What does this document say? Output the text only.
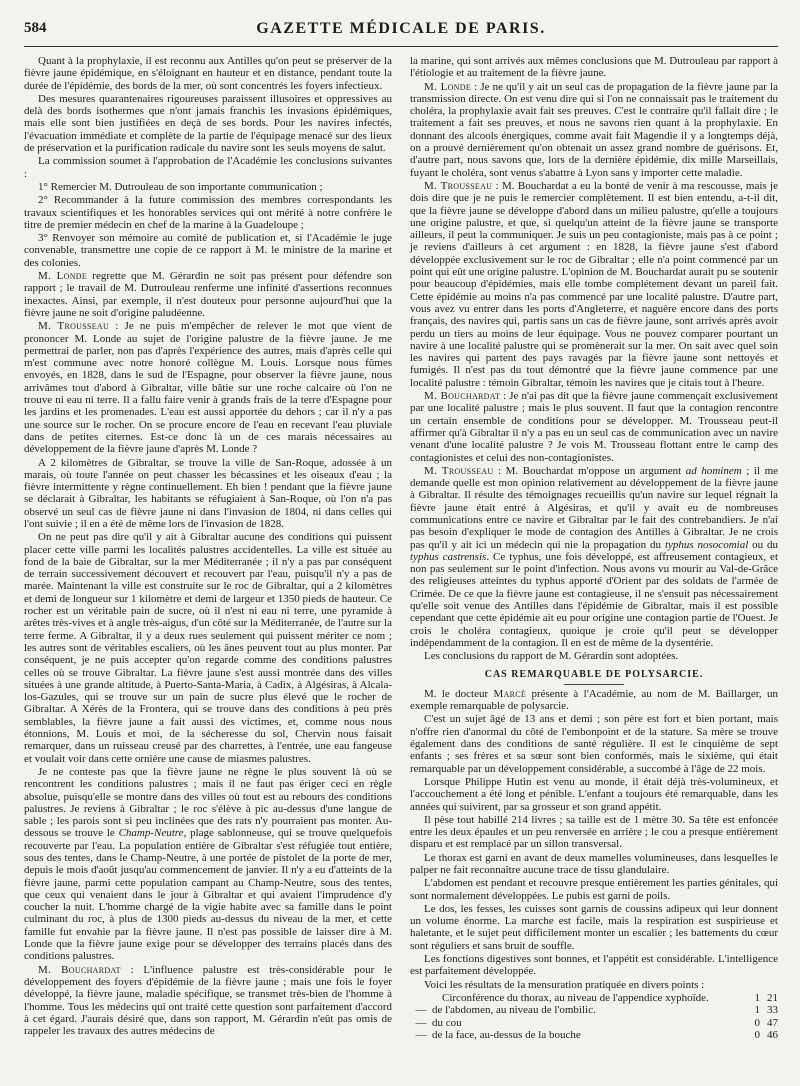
584	GAZETTE MÉDICALE DE PARIS.

Quant à la prophylaxie, il est reconnu aux Antilles qu'on peut se préserver de la fièvre jaune épidémique, en s'éloignant en hauteur et en distance, pendant toute la durée de l'épidémie, des bords de la mer, où sont concentrés les foyers infectieux.

Des mesures quarantenaires rigoureuses paraissent illusoires et oppressives au delà des bords isothermes que n'ont jamais franchis les invasions épidémiques, mais elle sont bien justifiées en deçà de ses bords. Pour les navires infectés, l'évacuation immédiate et complète de la partie de l'équipage menacé sur des lieux de préservation et la purification radicale du navire sont les seuls moyens de salut.

La commission soumet à l'approbation de l'Académie les conclusions suivantes :

1° Remercier M. Dutrouleau de son importante communication ;

2° Recommander à la future commission des membres correspondants les travaux scientifiques et les honorables services qui ont mérité à notre confrère le titre de premier médecin en chef de la marine à la Guadeloupe ;

3° Renvoyer son mémoire au comité de publication et, si l'Académie le juge convenable, transmettre une copie de ce rapport à M. le ministre de la marine et des colonies.

M. Londe regrette que M. Gérardin ne soit pas présent pour défendre son rapport ; le travail de M. Dutrouleau renferme une infinité d'assertions reconnues inexactes. Ainsi, par exemple, il n'est douteux pour personne aujourd'hui que la fièvre jaune ne soit d'origine paludéenne.

M. Trousseau : Je ne puis m'empêcher de relever le mot que vient de prononcer M. Londe au sujet de l'origine palustre de la fièvre jaune. Je me permettrai de parler, non pas d'après l'expérience des autres, mais d'après celle qui m'est commune avec notre honoré collègue M. Louis. Lorsque nous fûmes envoyés, en 1828, dans le sud de l'Espagne, pour observer la fièvre jaune, nous arrivâmes tout d'abord à Gibraltar, ville bâtie sur une roche calcaire où l'on ne trouve ni eau ni terre. Il a fallu faire venir à grands frais de la terre d'Espagne pour les jardins et les promenades. L'eau est aussi apportée du dehors ; car il n'y a pas une source sur le rocher. On se procure encore de l'eau en recevant l'eau pluviale dans de petites citernes. Est-ce donc là un de ces marais nécessaires au développement de la fièvre jaune d'après M. Londe ?

A 2 kilomètres de Gibraltar, se trouve la ville de San-Roque, adossée à un marais, où toute l'année on peut chasser les bécassines et les oiseaux d'eau ; la fièvre intermittente y règne continuellement. Eh bien ! pendant que la fièvre jaune se déclarait à Gibraltar, les habitants se réfugiaient à San-Roque, où l'on n'a pas observé un seul cas de fièvre jaune ni dans l'invasion de 1804, ni dans celles qui l'ont suivie ; il en a été de même lors de l'invasion de 1828.

On ne peut pas dire qu'il y ait à Gibraltar aucune des conditions qui puissent placer cette ville parmi les localités palustres accidentelles. La ville est située au fond de la baie de Gibraltar, sur la mer Méditerranée ; il n'y a pas par conséquent de terrain successivement découvert et recouvert par l'eau, puisqu'il n'y a pas de marée. Maintenant la ville est construite sur le roc de Gibraltar, qui a 2 kilomètres et demi de longueur sur 1 kilomètre et demi de largeur et 1350 pieds de hauteur. Ce rocher est un véritable pain de sucre, où il n'est ni eau ni terre, une pyramide à arêtes très-vives et à angle très-aigus, d'un côté sur la Méditerranée, de l'autre sur la terre ferme. A Gibraltar, il y a deux rues seulement qui puissent mériter ce nom ; les autres sont de véritables escaliers, où les ânes peuvent tout au plus monter. Par conséquent, je ne puis accepter qu'on regarde comme des conditions palustres celles où se trouve Gibraltar. La fièvre jaune s'est aussi montrée dans des villes situées à une grande altitude, à Puerto-Santa-Maria, à Cadix, à Algésiras, à Alcala-los-Gazules, qui se trouve sur un pain de sucre plus élevé que le rocher de Gibraltar. A Xérès de la Frontera, qui se trouve dans des conditions à peu près semblables, la fièvre jaune a fait aussi des victimes, et, comme nous nous étonnions, M. Louis et moi, de la sécheresse du sol, Chervin nous faisait remarquer, dans un ruisseau creusé par des charrettes, à l'entrée, une eau fangeuse et voulait voir dans cette ornière une cause de miasmes palustres.

Je ne conteste pas que la fièvre jaune ne règne le plus souvent là où se rencontrent les conditions palustres ; mais il ne faut pas ériger ceci en règle absolue, puisqu'elle se montre dans des villes où tout est au rebours des conditions palustres. Je reviens à Gibraltar ; le roc s'élève à pic au-dessus d'une langue de sable ; les parois sont si peu inclinées que des rats n'y pourraient pas monter. Au-dessous se trouve le Champ-Neutre, plage sablonneuse, qui se trouve quelquefois recouverte par l'eau. La population entière de Gibraltar s'est réfugiée tout entière, sous des tentes, dans le Champ-Neutre, à une portée de pistolet de la porte de mer, depuis le mois d'août jusqu'au commencement de janvier. Il n'y a eu d'atteints de la fièvre jaune, parmi cette population campant au Champ-Neutre, sous des tentes, que ceux qui venaient dans le jour à Gibraltar et qui avaient l'imprudence d'y coucher la nuit. L'homme chargé de la vigie habite avec sa famille dans le point culminant du roc, à plus de 1300 pieds au-dessus du niveau de la mer, et cette famille fut envahie par la fièvre jaune. Il n'est pas possible de laisser dire à M. Londe que la fièvre jaune exige pour se développer des terrains placés dans des conditions palustres.

M. Bouchardat : L'influence palustre est très-considérable pour le développement des foyers d'épidémie de la fièvre jaune ; mais une fois le foyer développé, la fièvre jaune, maladie spécifique, se transmet très-bien de l'homme à l'homme. Tous les médecins qui ont traité cette question sont parfaitement d'accord à cet égard. J'aurais désiré que, dans son rapport, M. Gérardin n'eût pas omis de rappeler les travaux des autres médecins de

la marine, qui sont arrivés aux mêmes conclusions que M. Dutrouleau par rapport à l'étiologie et au traitement de la fièvre jaune.

M. Londe : Je ne qu'il y ait un seul cas de propagation de la fièvre jaune par la transmission directe. On est venu dire qui si l'on ne connaissait pas le traitement du choléra, la prophylaxie avait fait ses preuves. C'est le contraire qu'il fallait dire ; le traitement a fait ses preuves, et nous ne savons rien quant à la prophylaxie. En donnant des alcools énergiques, comme avait fait Magendie il y a longtemps déjà, on a prouvé dernièrement qu'on obtenait un assez grand nombre de guérisons. Et, d'autre part, nous savons que, lors de la dernière épidémie, dix mille Marseillais, fuyant le choléra, sont venus s'abattre à Lyon sans y importer cette maladie.

M. Trousseau : M. Bouchardat a eu la bonté de venir à ma rescousse, mais je dois dire que je ne puis le remercier complètement. Il est bien entendu, a-t-il dit, que la fièvre jaune se développe d'abord dans un milieu palustre, qu'elle a toujours une origine palustre, et que, si quelqu'un atteint de la fièvre jaune se transporte ailleurs, il peut la communiquer. Je suis un peu contagioniste, mais pas à ce point ; je reviens d'ailleurs à cet argument : en 1828, la fièvre jaune s'est d'abord développée exclusivement sur le roc de Gibraltar ; elle n'a point commencé par un point qui eût une origine palustre. L'opinion de M. Bouchardat aurait pu se soutenir pour beaucoup d'épidémies, mais elle tombe complétement devant un pareil fait. Cette épidémie au moins n'a pas commencé par une localité palustre. D'autre part, vous avez vu entrer dans les ports d'Angleterre, et naguère encore dans des ports français, des navires qui, partis sans un cas de fièvre jaune, sont arrivés après avoir perdu un tiers au moins de leur équipage. Vous ne pouvez comparer pourtant un navire à une localité palustre qui se promènerait sur la mer. On sait avec quel soin les navires qui partent des pays ravagés par la fièvre jaune sont nettoyés et fumigés. Il n'est pas du tout démontré que la fièvre jaune commence par une localité palustre : témoin Gibraltar, témoin les navires que je citais tout à l'heure.

M. Bouchardat : Je n'ai pas dit que la fièvre jaune commençait exclusivement par une localité palustre ; mais le plus souvent. Il faut que la contagion rencontre un certain ensemble de conditions pour se développer. M. Trousseau peut-il affirmer qu'à Gibraltar il n'y a pas eu un seul cas de communication avec un navire venant d'une localité palustre ? Je vois M. Trousseau flottant entre le camp des contagionistes et celui des non-contagionistes.

M. Trousseau : M. Bouchardat m'oppose un argument ad hominem ; il me demande quelle est mon opinion relativement au développement de la fièvre jaune à Gibraltar. Il résulte des témoignages recueillis qu'un navire sur lequel régnait la fièvre jaune était entré à Algésiras, et qu'il y avait eu de nombreuses communications entre ce navire et Gibraltar par le fait des contrebandiers. Je n'ai pas besoin d'expliquer le mode de contagion des Antilles à Gibraltar. Je ne crois pas qu'il y ait ici un médecin qui nie la propagation du typhus nosocomial ou du typhus castrensis. Ce typhus, une fois développé, est affreusement contagieux, et non pas seulement sur le point d'infection. Nous avons vu mourir au Val-de-Grâce des religieuses atteintes du typhus apporté d'Orient par des soldats de l'armée de Crimée. De ce que la fièvre jaune est contagieuse, il ne s'ensuit pas nécessairement qu'elle soit venue des Antilles dans l'épidémie de Gibraltar, mais il est possible cependant que cette épidémie ait eu pour origine une contagion partie de l'Ouest. Je crois le choléra contagieux, quoique je croie qu'il peut se développer indépendamment de la contagion. Il en est de même de la dysentérie.

Les conclusions du rapport de M. Gérardin sont adoptées.

CAS REMARQUABLE DE POLYSARCIE.

M. le docteur Marcé présente à l'Académie, au nom de M. Baillarger, un exemple remarquable de polysarcie.

C'est un sujet âgé de 13 ans et demi ; son père est fort et bien portant, mais n'offre rien d'anormal du côté de l'embonpoint et de la stature. Sa mère se trouve également dans des conditions de santé régulière. Il est le cinquième de sept enfants ; ses frères et sa sœur sont bien conformés, mais le sixième, qui était remarquable par un développement considérable, a succombé à l'âge de 22 mois.

Lorsque Philippe Hutin est venu au monde, il était déjà très-volumineux, et l'accouchement a été long et pénible. L'enfant a toujours été remarquable, dans les années qui suivirent, par sa grosseur et son grand appétit.

Il pèse tout habillé 214 livres ; sa taille est de 1 mètre 30. Sa tête est enfoncée entre les deux épaules et un peu renversée en arrière ; le cou a presque entièrement disparu et est remplacé par un sillon transversal.

Le thorax est garni en avant de deux mamelles volumineuses, dans lesquelles le palper ne fait reconnaître aucune trace de tissu glandulaire.

L'abdomen est pendant et recouvre presque entièrement les parties génitales, qui sont normalement développées. Le pubis est garni de poils.

Le dos, les fesses, les cuisses sont garnis de coussins adipeux qui leur donnent un volume énorme. La marche est facile, mais la respiration est suspirieuse et haletante, et le sujet peut difficilement monter un escalier ; les battements du cœur sont réguliers et sans bruit de souffle.

Les fonctions digestives sont bonnes, et l'appétit est considérable. L'intelligence est parfaitement développée.

Voici les résultats de la mensuration pratiquée en divers points :

	Circonférence du thorax, au niveau de l'appendice xyphoïde.	1	21
—	de l'abdomen, au niveau de l'ombilic.	1	33
—	du cou	0	47
—	de la face, au-dessus de la bouche	0	46
